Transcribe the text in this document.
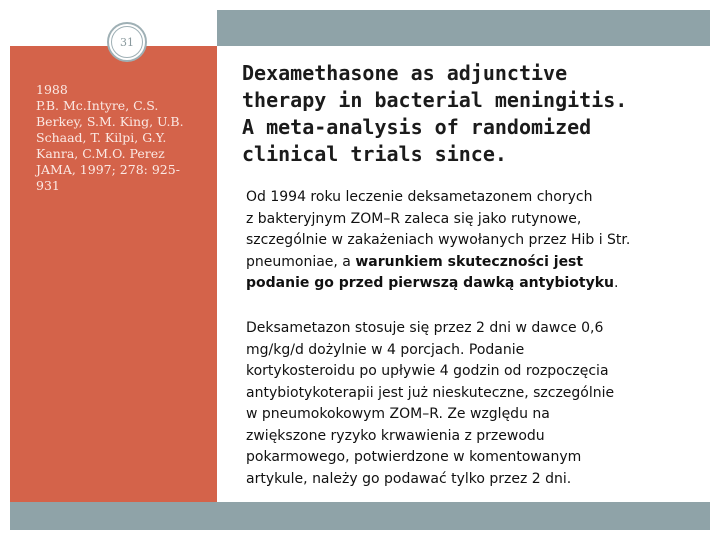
31
1988
P.B. Mc.Intyre, C.S.
Berkey, S.M. King, U.B.
Schaad, T. Kilpi, G.Y.
Kanra, C.M.O. Perez
JAMA, 1997; 278: 925-
931
Dexamethasone as adjunctive
therapy in bacterial meningitis.
A meta-analysis of randomized
clinical trials since.
Od 1994 roku leczenie deksametazonem chorych
z bakteryjnym ZOM–R zaleca się jako rutynowe,
szczególnie w zakażeniach wywołanych przez Hib i Str.
pneumoniae, a warunkiem skuteczności jest
podanie go przed pierwszą dawką antybiotyku.
Deksametazon stosuje się przez 2 dni w dawce 0,6
mg/kg/d dożylnie w 4 porcjach. Podanie
kortykosteroidu po upływie 4 godzin od rozpoczęcia
antybiotykoterapii jest już nieskuteczne, szczególnie
w pneumokokowym ZOM–R. Ze względu na
zwiększone ryzyko krwawienia z przewodu
pokarmowego, potwierdzone w komentowanym
artykule, należy go podawać tylko przez 2 dni.
